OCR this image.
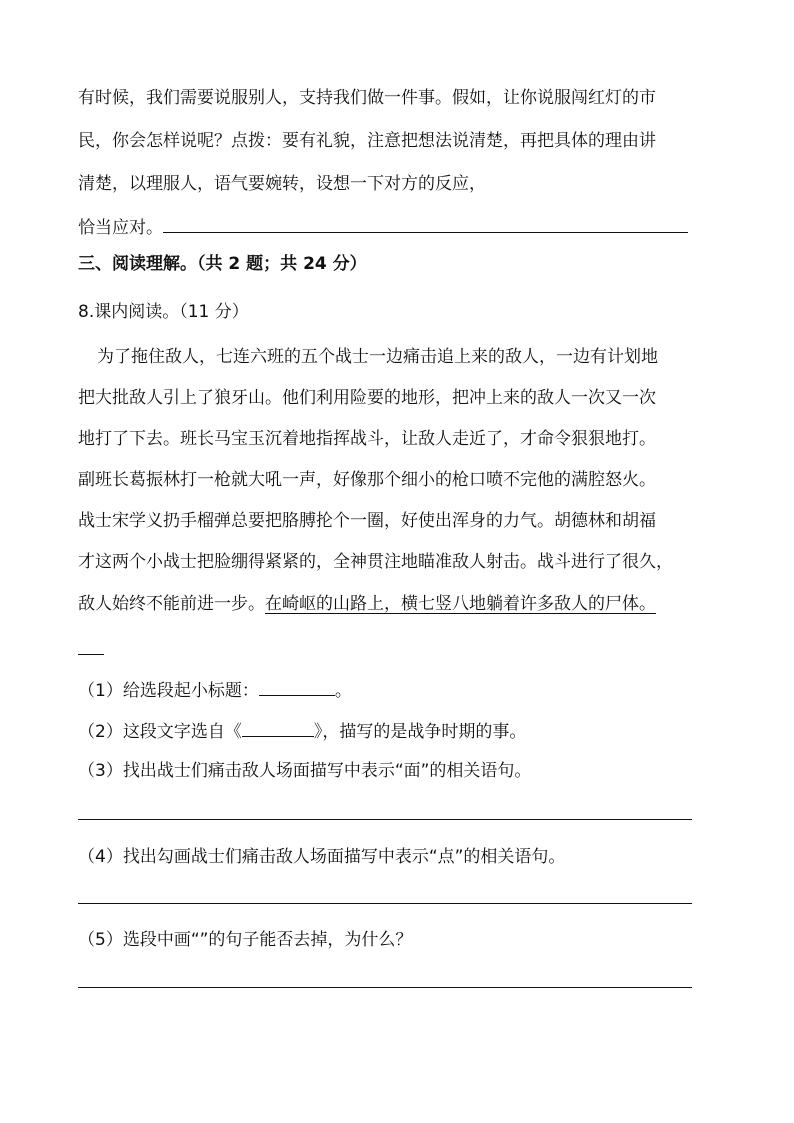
有时候，我们需要说服别人，支持我们做一件事。假如，让你说服闯红灯的市
民，你会怎样说呢？点拨：要有礼貌，注意把想法说清楚，再把具体的理由讲
清楚，以理服人，语气要婉转，设想一下对方的反应，
恰当应对。
三、阅读理解。（共 2 题；共 24 分）
8.课内阅读。（11 分）
为了拖住敌人，七连六班的五个战士一边痛击追上来的敌人，一边有计划地
把大批敌人引上了狼牙山。他们利用险要的地形，把冲上来的敌人一次又一次
地打了下去。班长马宝玉沉着地指挥战斗，让敌人走近了，才命令狠狠地打。
副班长葛振林打一枪就大吼一声，好像那个细小的枪口喷不完他的满腔怒火。
战士宋学义扔手榴弹总要把胳膊抡个一圈，好使出浑身的力气。胡德林和胡福
才这两个小战士把脸绷得紧紧的，全神贯注地瞄准敌人射击。战斗进行了很久，
敌人始终不能前进一步。在崎岖的山路上，横七竖八地躺着许多敌人的尸体。
（1）给选段起小标题：	。
（2）这段文字选自《	》，描写的是战争时期的事。
（3）找出战士们痛击敌人场面描写中表示“面”的相关语句。
（4）找出勾画战士们痛击敌人场面描写中表示“点”的相关语句。
（5）选段中画“”的句子能否去掉，为什么？
